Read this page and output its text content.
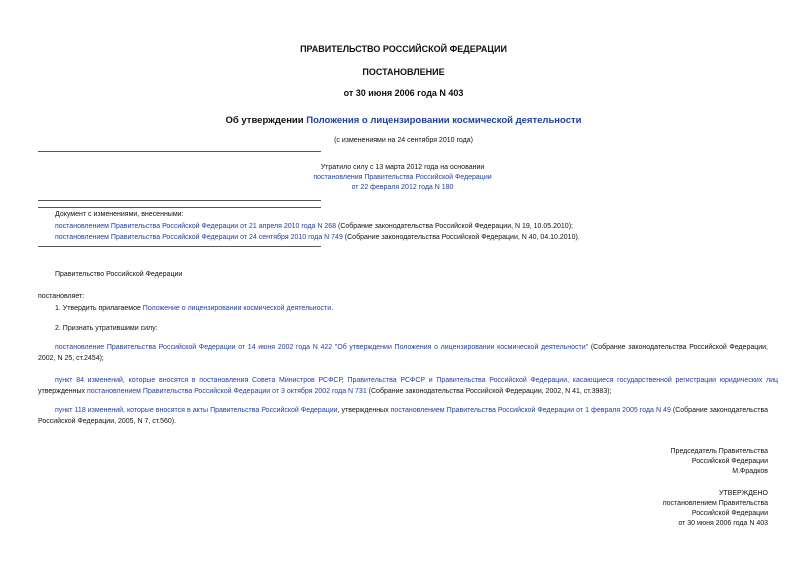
ПРАВИТЕЛЬСТВО РОССИЙСКОЙ ФЕДЕРАЦИИ
ПОСТАНОВЛЕНИЕ
от 30 июня 2006 года N 403
Об утверждении Положения о лицензировании космической деятельности
(с изменениями на 24 сентября 2010 года)
Утратило силу с 13 марта 2012 года на основании
постановления Правительства Российской Федерации
от 22 февраля 2012 года N 180
Документ с изменениями, внесенными:
постановлением Правительства Российской Федерации от 21 апреля 2010 года N 268 (Собрание законодательства Российской Федерации, N 19, 10.05.2010);
постановлением Правительства Российской Федерации от 24 сентября 2010 года N 749 (Собрание законодательства Российской Федерации, N 40, 04.10.2010).
Правительство Российской Федерации
постановляет:
1. Утвердить прилагаемое Положение о лицензировании космической деятельности.
2. Признать утратившими силу:
постановление Правительства Российской Федерации от 14 июня 2002 года N 422 "Об утверждении Положения о лицензировании космической деятельности" (Собрание законодательства Российской Федерации, 2002, N 25, ст.2454);
пункт 84 изменений, которые вносятся в постановления Совета Министров РСФСР, Правительства РСФСР и Правительства Российской Федерации, касающиеся государственной регистрации юридических лиц утвержденных постановлением Правительства Российской Федерации от 3 октября 2002 года N 731 (Собрание законодательства Российской Федерации, 2002, N 41, ст.3983);
пункт 118 изменений, которые вносятся в акты Правительства Российской Федерации, утвержденных постановлением Правительства Российской Федерации от 1 февраля 2005 года N 49 (Собрание законодательства Российской Федерации, 2005, N 7, ст.560).
Председатель Правительства
Российской Федерации
М.Фрадков
УТВЕРЖДЕНО
постановлением Правительства
Российской Федерации
от 30 июня 2006 года N 403
